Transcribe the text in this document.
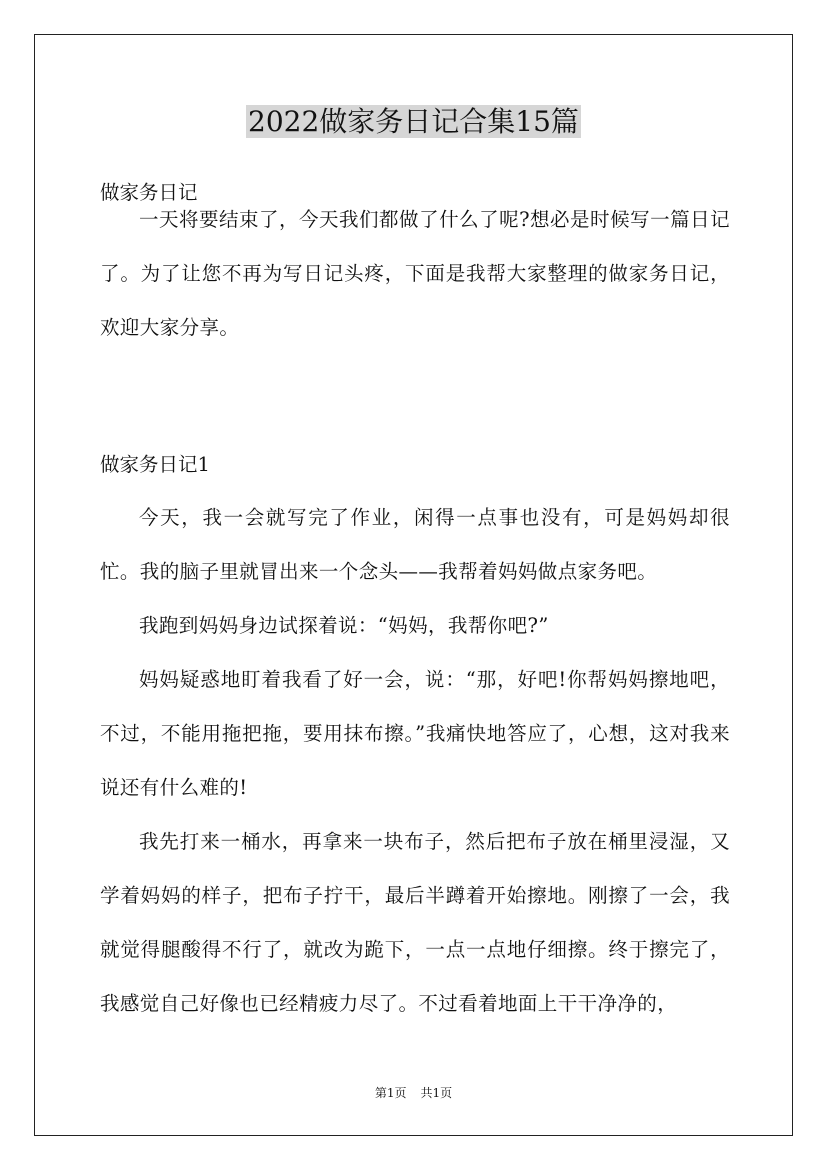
2022做家务日记合集15篇

做家务日记

一天将要结束了，今天我们都做了什么了呢?想必是时候写一篇日记了。为了让您不再为写日记头疼，下面是我帮大家整理的做家务日记，欢迎大家分享。

做家务日记1

今天，我一会就写完了作业，闲得一点事也没有，可是妈妈却很忙。我的脑子里就冒出来一个念头——我帮着妈妈做点家务吧。

我跑到妈妈身边试探着说：“妈妈，我帮你吧?”

妈妈疑惑地盯着我看了好一会，说：“那，好吧!你帮妈妈擦地吧，不过，不能用拖把拖，要用抹布擦。”我痛快地答应了，心想，这对我来说还有什么难的!

我先打来一桶水，再拿来一块布子，然后把布子放在桶里浸湿，又学着妈妈的样子，把布子拧干，最后半蹲着开始擦地。刚擦了一会，我就觉得腿酸得不行了，就改为跪下，一点一点地仔细擦。终于擦完了，我感觉自己好像也已经精疲力尽了。不过看着地面上干干净净的，

第1页 共1页
